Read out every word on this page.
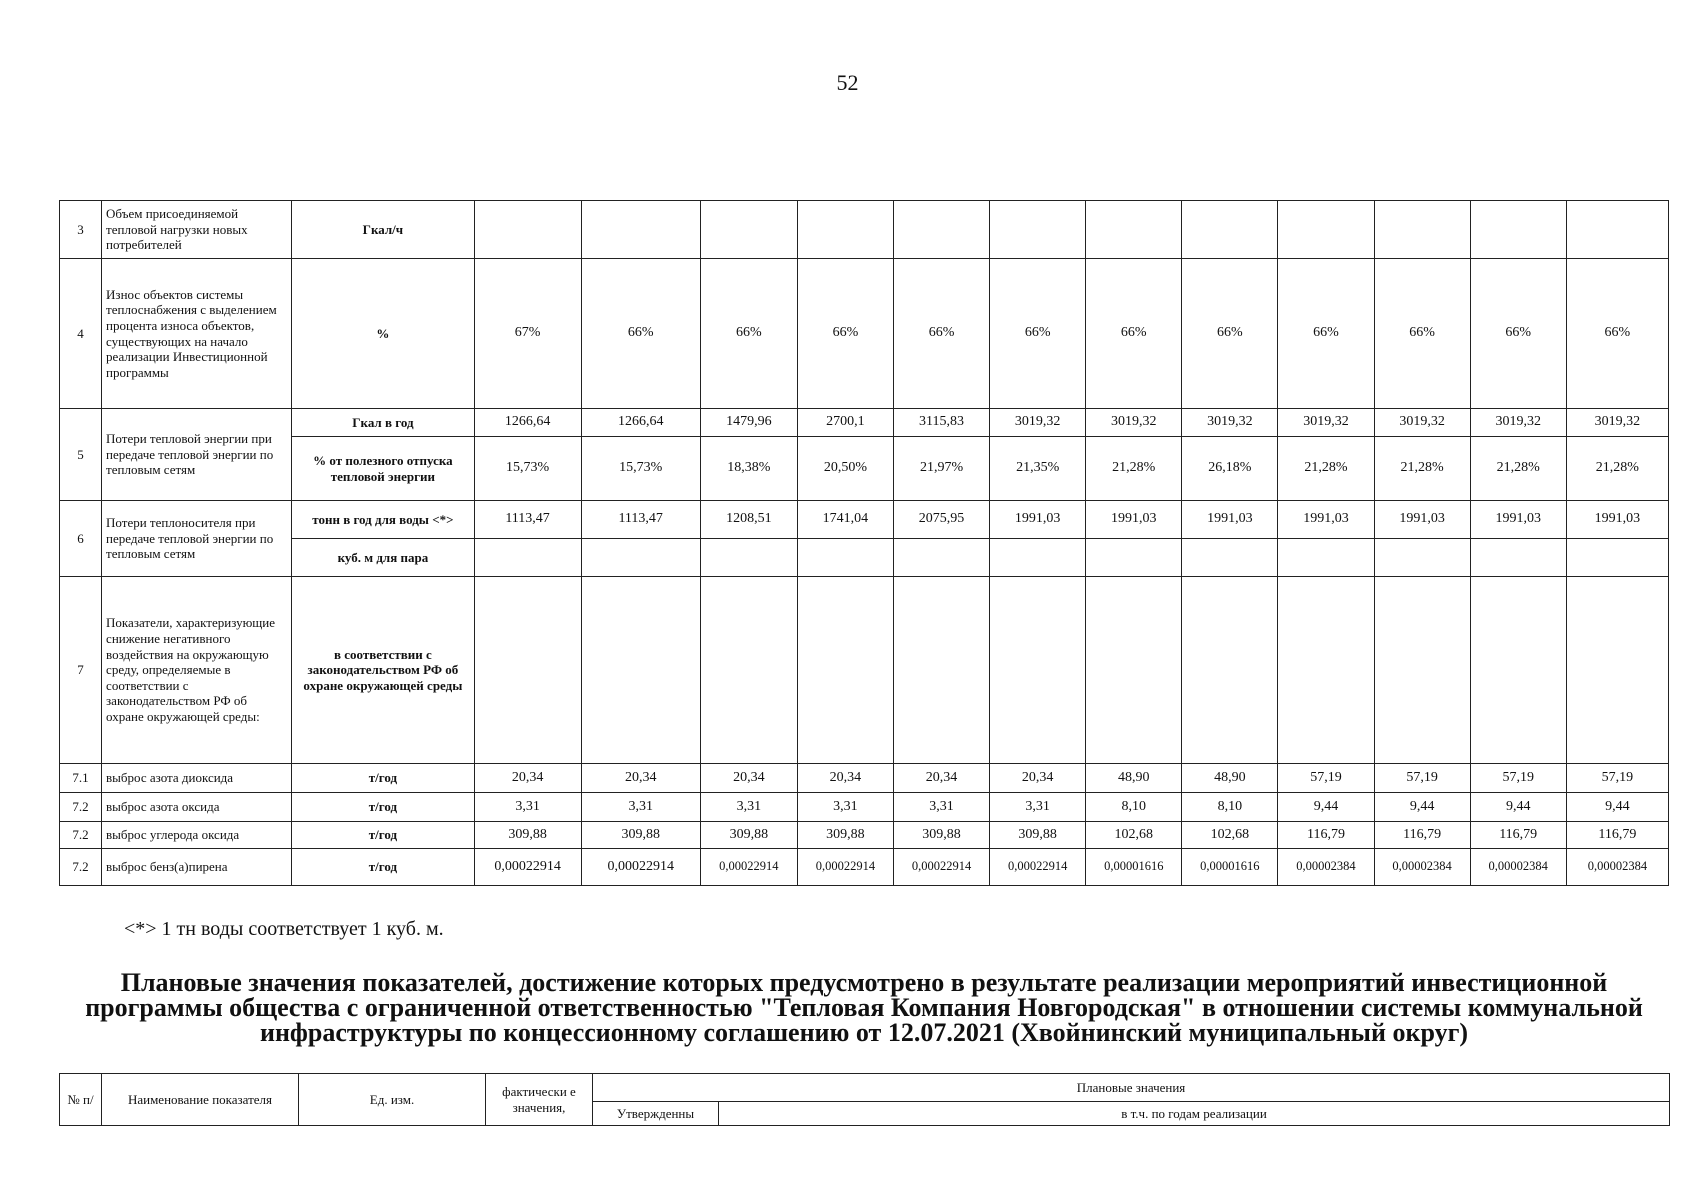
52
3	Объем присоединяемой тепловой нагрузки новых потребителей	Гкал/ч												
4	Износ объектов системы теплоснабжения с выделением процента износа объектов, существующих на начало реализации Инвестиционной программы	%	67%	66%	66%	66%	66%	66%	66%	66%	66%	66%	66%	66%
5	Потери тепловой энергии при передаче тепловой энергии по тепловым сетям	Гкал в год	1266,64	1266,64	1479,96	2700,1	3115,83	3019,32	3019,32	3019,32	3019,32	3019,32	3019,32	3019,32
		% от полезного отпуска тепловой энергии	15,73%	15,73%	18,38%	20,50%	21,97%	21,35%	21,28%	26,18%	21,28%	21,28%	21,28%	21,28%
6	Потери теплоносителя при передаче тепловой энергии по тепловым сетям	тонн в год для воды <*>	1113,47	1113,47	1208,51	1741,04	2075,95	1991,03	1991,03	1991,03	1991,03	1991,03	1991,03	1991,03
		куб. м для пара												
7	Показатели, характеризующие снижение негативного воздействия на окружающую среду, определяемые в соответствии с законодательством РФ об охране окружающей среды:	в соответствии с законодательством РФ об охране окружающей среды												
7.1	выброс азота диоксида	т/год	20,34	20,34	20,34	20,34	20,34	20,34	48,90	48,90	57,19	57,19	57,19	57,19
7.2	выброс азота оксида	т/год	3,31	3,31	3,31	3,31	3,31	3,31	8,10	8,10	9,44	9,44	9,44	9,44
7.2	выброс углерода оксида	т/год	309,88	309,88	309,88	309,88	309,88	309,88	102,68	102,68	116,79	116,79	116,79	116,79
7.2	выброс бенз(а)пирена	т/год	0,00022914	0,00022914	0,00022914	0,00022914	0,00022914	0,00022914	0,00001616	0,00001616	0,00002384	0,00002384	0,00002384	0,00002384
<*> 1 тн воды соответствует 1 куб. м.
Плановые значения показателей, достижение которых предусмотрено в результате реализации мероприятий инвестиционной программы общества с ограниченной ответственностью "Тепловая Компания Новгородская" в отношении системы коммунальной инфраструктуры по концессионному соглашению от 12.07.2021 (Хвойнинский муниципальный округ)
№ п/	Наименование показателя	Ед. изм.	фактически е значения,	Плановые значения	
				Утвержденны	в т.ч. по годам реализации
